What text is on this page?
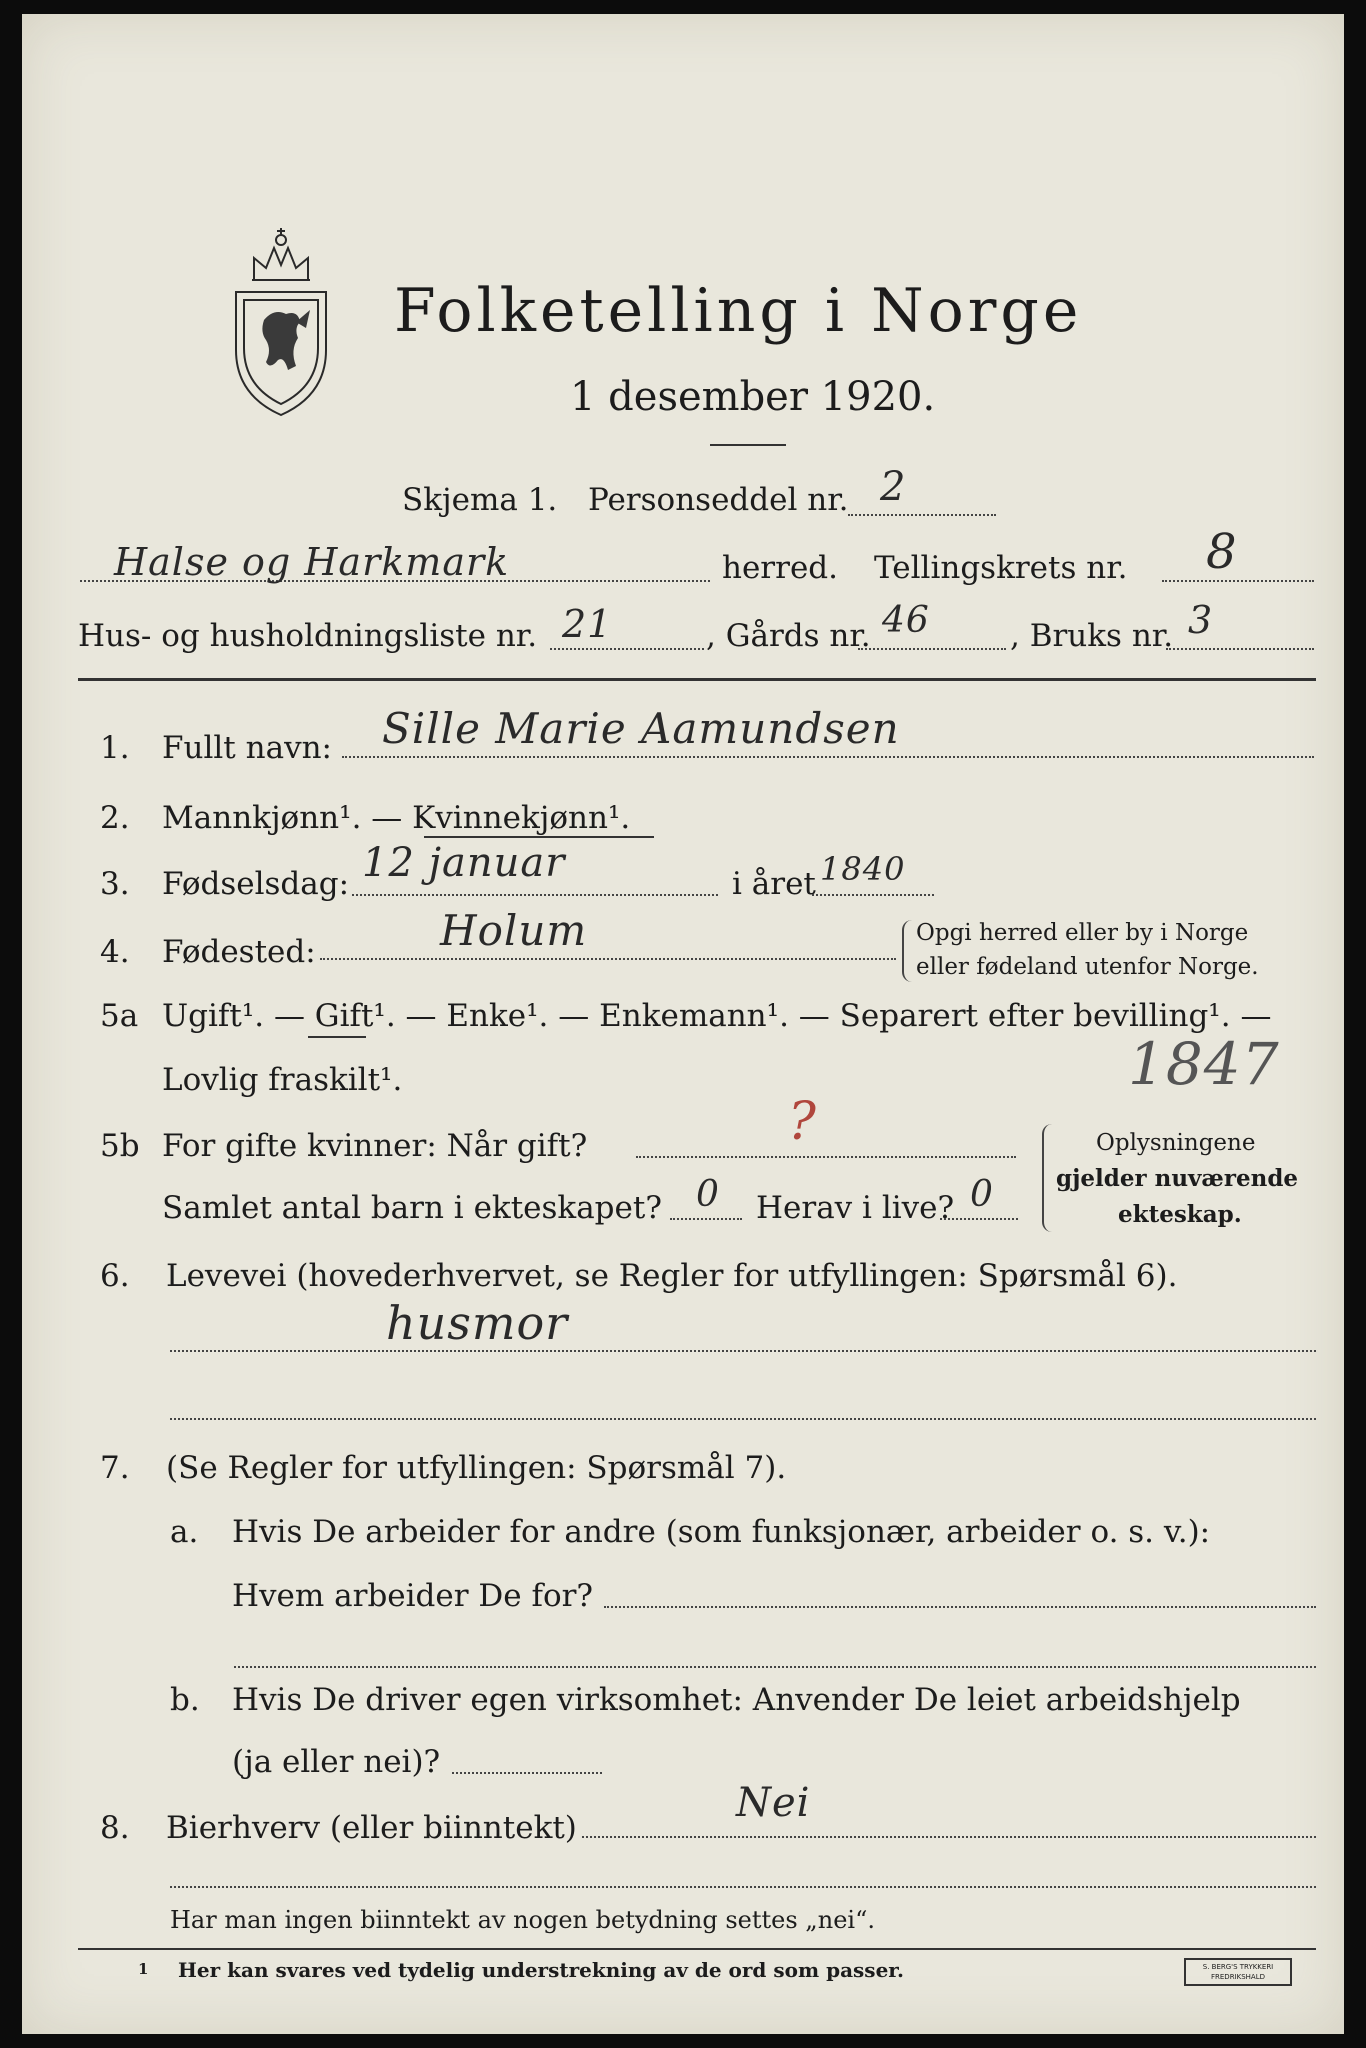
Folketelling i Norge
1 desember 1920.
Skjema 1. Personseddel nr. 2
Halse og Harkmark	herred. Tellingskrets nr. 8
Hus- og husholdningsliste nr. 21	, Gårds nr. 46	, Bruks nr. 3
1. Fullt navn: Sille Marie Aamundsen
2. Mannkjønn¹. — Kvinnekjønn¹.
3. Fødselsdag: 12 januar	i året 1840
4. Fødested:	Holum	Opgi herred eller by i Norge
eller fødeland utenfor Norge.
5a Ugift¹. — Gift¹. — Enke¹. — Enkemann¹. — Separert efter bevilling¹. —
Lovlig fraskilt¹.	1847
5b For gifte kvinner: Når gift?	?
Samlet antal barn i ekteskapet? 0 Herav i live? 0
Oplysningene
gjelder nuværende
ekteskap.
6. Levevei (hovederhvervet, se Regler for utfyllingen: Spørsmål 6).
husmor
7. (Se Regler for utfyllingen: Spørsmål 7).
a. Hvis De arbeider for andre (som funksjonær, arbeider o. s. v.):
Hvem arbeider De for?
b. Hvis De driver egen virksomhet: Anvender De leiet arbeidshjelp
(ja eller nei)?
8. Bierhverv (eller biinntekt)
Nei
Har man ingen biinntekt av nogen betydning settes „nei“.
1 Her kan svares ved tydelig understrekning av de ord som passer.	S. BERG'S TRYKKERI
FREDRIKSHALD
